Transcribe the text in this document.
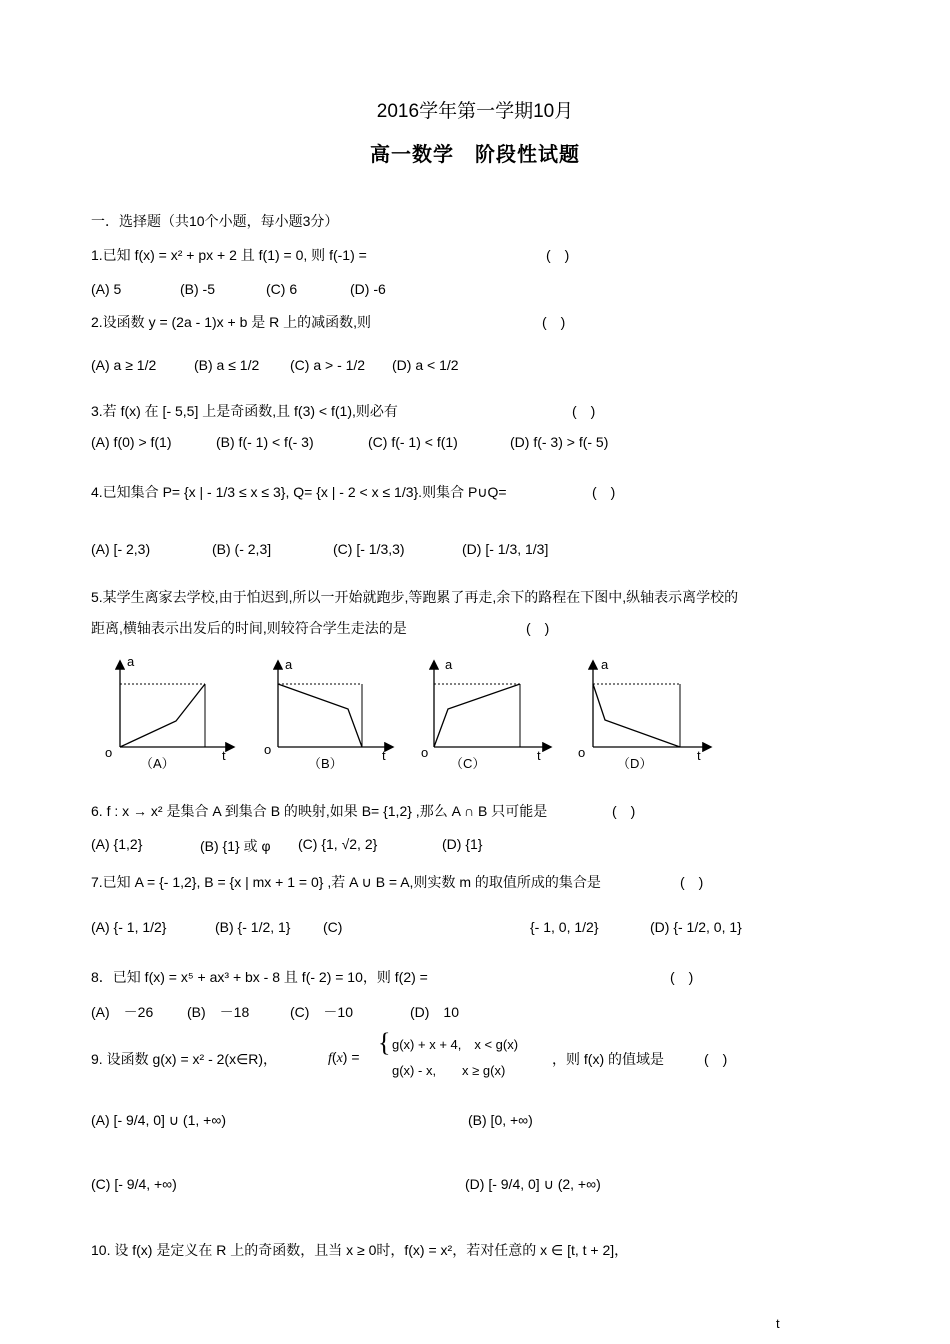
2016学年第一学期10月
高一数学　阶段性试题
一．选择题（共10个小题，每小题3分）
1.已知 f(x) = x² + px + 2 且 f(1) = 0, 则 f(-1) =	(　)
(A) 5	(B) -5	(C) 6	(D) -6
2.设函数 y = (2a - 1)x + b 是 R 上的减函数,则	(　)
(A) a ≥ 1/2	(B) a ≤ 1/2 (C) a > - 1/2 (D) a < 1/2
3.若 f(x) 在 [- 5,5] 上是奇函数,且 f(3) < f(1),则必有	(　)
(A) f(0) > f(1)	(B) f(- 1) < f(- 3)	(C) f(- 1) < f(1)	(D) f(- 3) > f(- 5)
4.已知集合 P= {x | - 1/3 ≤ x ≤ 3}, Q= {x | - 2 < x ≤ 1/3}.则集合 P∪Q=	(　)
(A) [- 2,3)	(B) (- 2,3]	(C) [- 1/3,3)	(D) [- 1/3, 1/3]
5.某学生离家去学校,由于怕迟到,所以一开始就跑步,等跑累了再走,余下的路程在下图中,纵轴表示离学校的
距离,横轴表示出发后的时间,则较符合学生走法的是	(　)
a
o	t
（A）
a
o	t
（B）
a
o	t
（C）
a
o	t
（D）
6. f : x → x² 是集合 A 到集合 B 的映射,如果 B= {1,2} ,那么 A ∩ B 只可能是	(　)
(A) {1,2}	(B) {1} 或 φ (C) {1, √2, 2}	(D) {1}
7.已知 A = {- 1,2}, B = {x | mx + 1 = 0} ,若 A ∪ B = A,则实数 m 的取值所成的集合是	(　)
(A) {- 1, 1/2}	(B) {- 1/2, 1} (C)	{- 1, 0, 1/2}	(D) {- 1/2, 0, 1}
8．已知 f(x) = x⁵ + ax³ + bx - 8 且 f(- 2) = 10，则 f(2) =	(　)
(A)　－26 (B)　－18	(C)　－10	(D)　10
9. 设函数 g(x) = x² - 2(x∈R)，	f(x) = { g(x) + x + 4,　x < g(x)
g(x) - x,　　x ≥ g(x)
，则 f(x) 的值域是	(　)
(A) [- 9/4, 0] ∪ (1, +∞)	(B) [0, +∞)
(C) [- 9/4, +∞)	(D) [- 9/4, 0] ∪ (2, +∞)
10. 设 f(x) 是定义在 R 上的奇函数，且当 x ≥ 0时，f(x) = x²，若对任意的 x ∈ [t, t + 2]，
t
